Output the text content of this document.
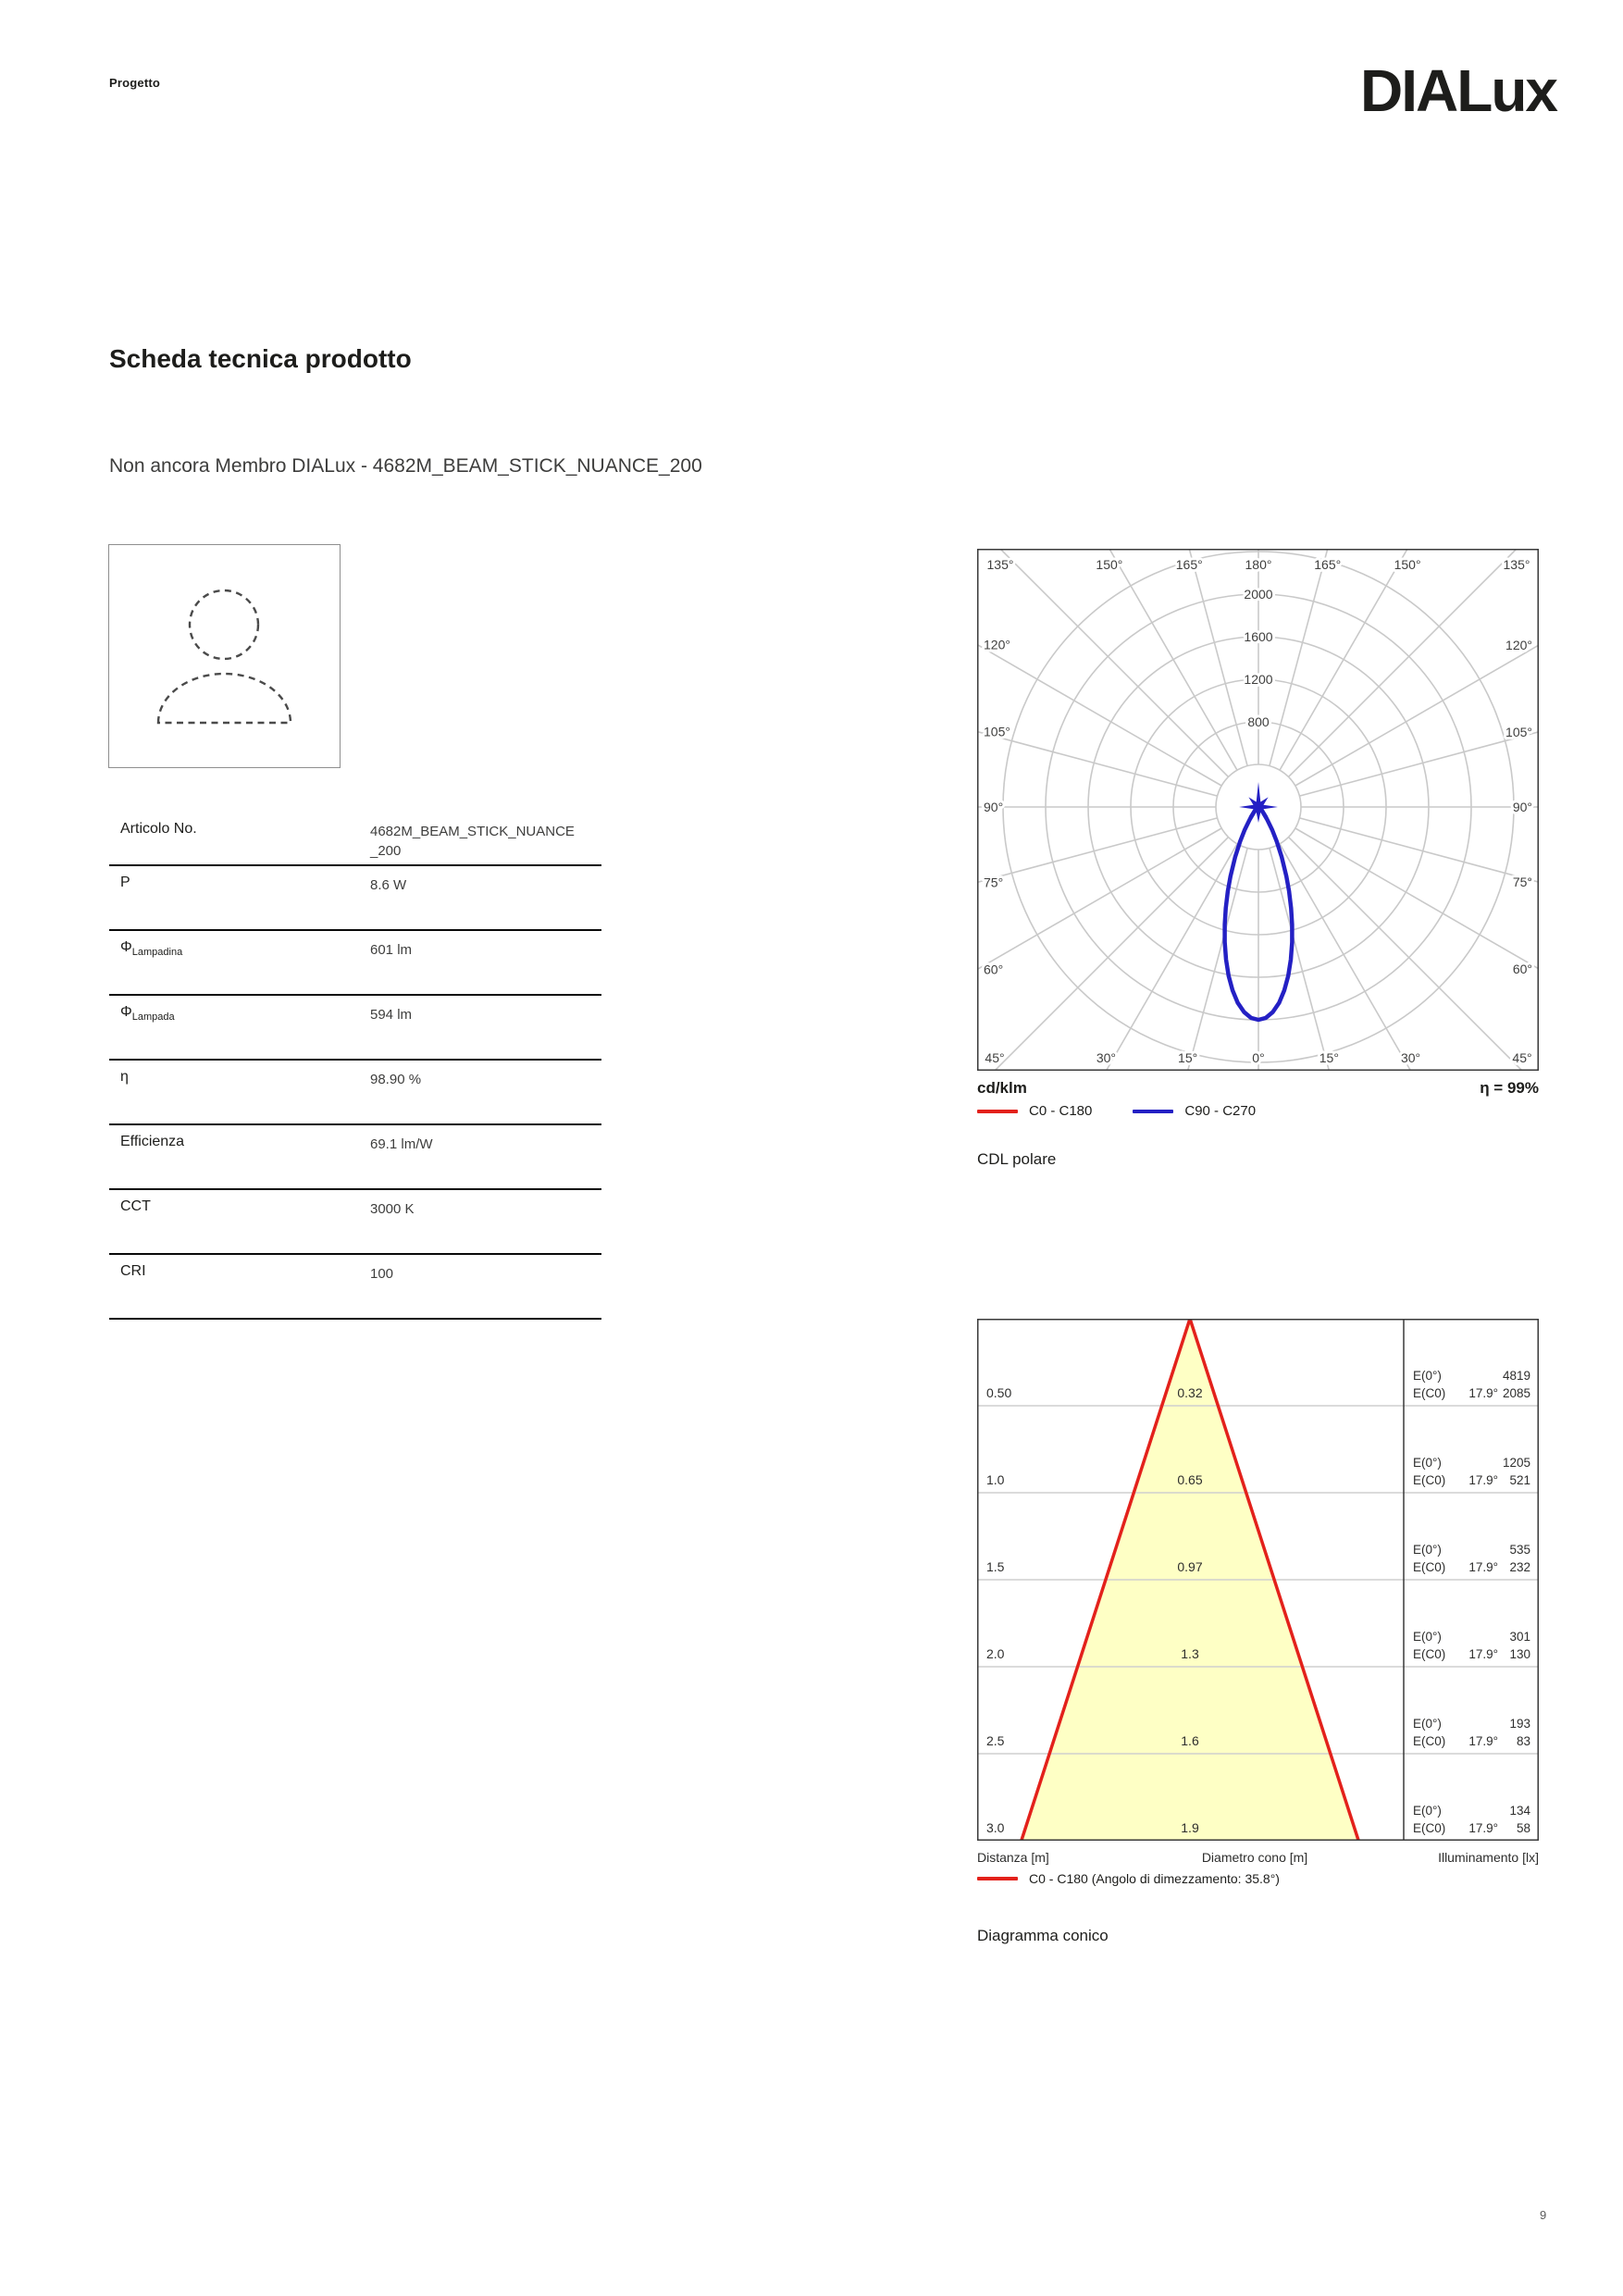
Progetto	DIALux
Scheda tecnica prodotto
Non ancora Membro DIALux - 4682M_BEAM_STICK_NUANCE_200
Articolo No.	4682M_BEAM_STICK_NUANCE_200
P	8.6 W
$\Phi_{Lampadina}$	601 lm
$\Phi_{Lampada}$	594 lm
η	98.90 %
Efficienza	69.1 lm/W
CCT	3000 K
CRI	100
800
1200
1600
2000
0°	15°
15°	30°
30°	45°
45°
60°
60°
75°
75°
90°
90°
105°
105°
120°
120°
135°
135°	150°
150°	165°
165°	180°
cd/klm	η = 99%
C0 - C180	C90 - C270
CDL polare
0.50	0.32
E(0°)	4819
E(C0) 17.9° 2085
1.0	0.65
E(0°)	1205
E(C0) 17.9° 521
1.5	0.97
E(0°)	535
E(C0) 17.9° 232
2.0	1.3
E(0°)	301
E(C0) 17.9° 130
2.5	1.6
E(0°)	193
E(C0) 17.9° 83
3.0	1.9
E(0°)	134
E(C0) 17.9° 58
Distanza [m]	Diametro cono [m]	Illuminamento [lx]
C0 - C180 (Angolo di dimezzamento: 35.8°)
Diagramma conico
9
